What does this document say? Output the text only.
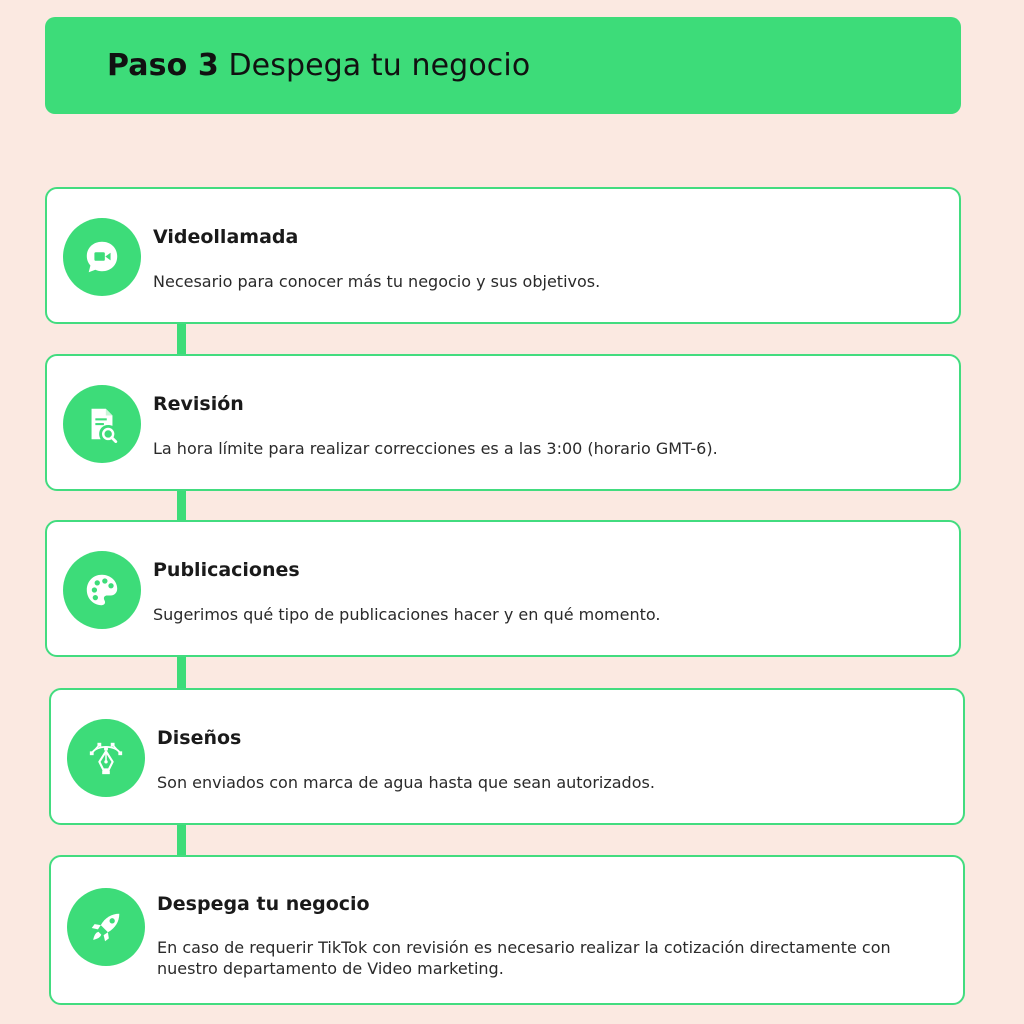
Paso 3 Despega tu negocio
Videollamada
Necesario para conocer más tu negocio y sus objetivos.
Revisión
La hora límite para realizar correcciones es a las 3:00 (horario GMT-6).
Publicaciones
Sugerimos qué tipo de publicaciones hacer y en qué momento.
Diseños
Son enviados con marca de agua hasta que sean autorizados.
Despega tu negocio
En caso de requerir TikTok con revisión es necesario realizar la cotización directamente con nuestro departamento de Video marketing.
